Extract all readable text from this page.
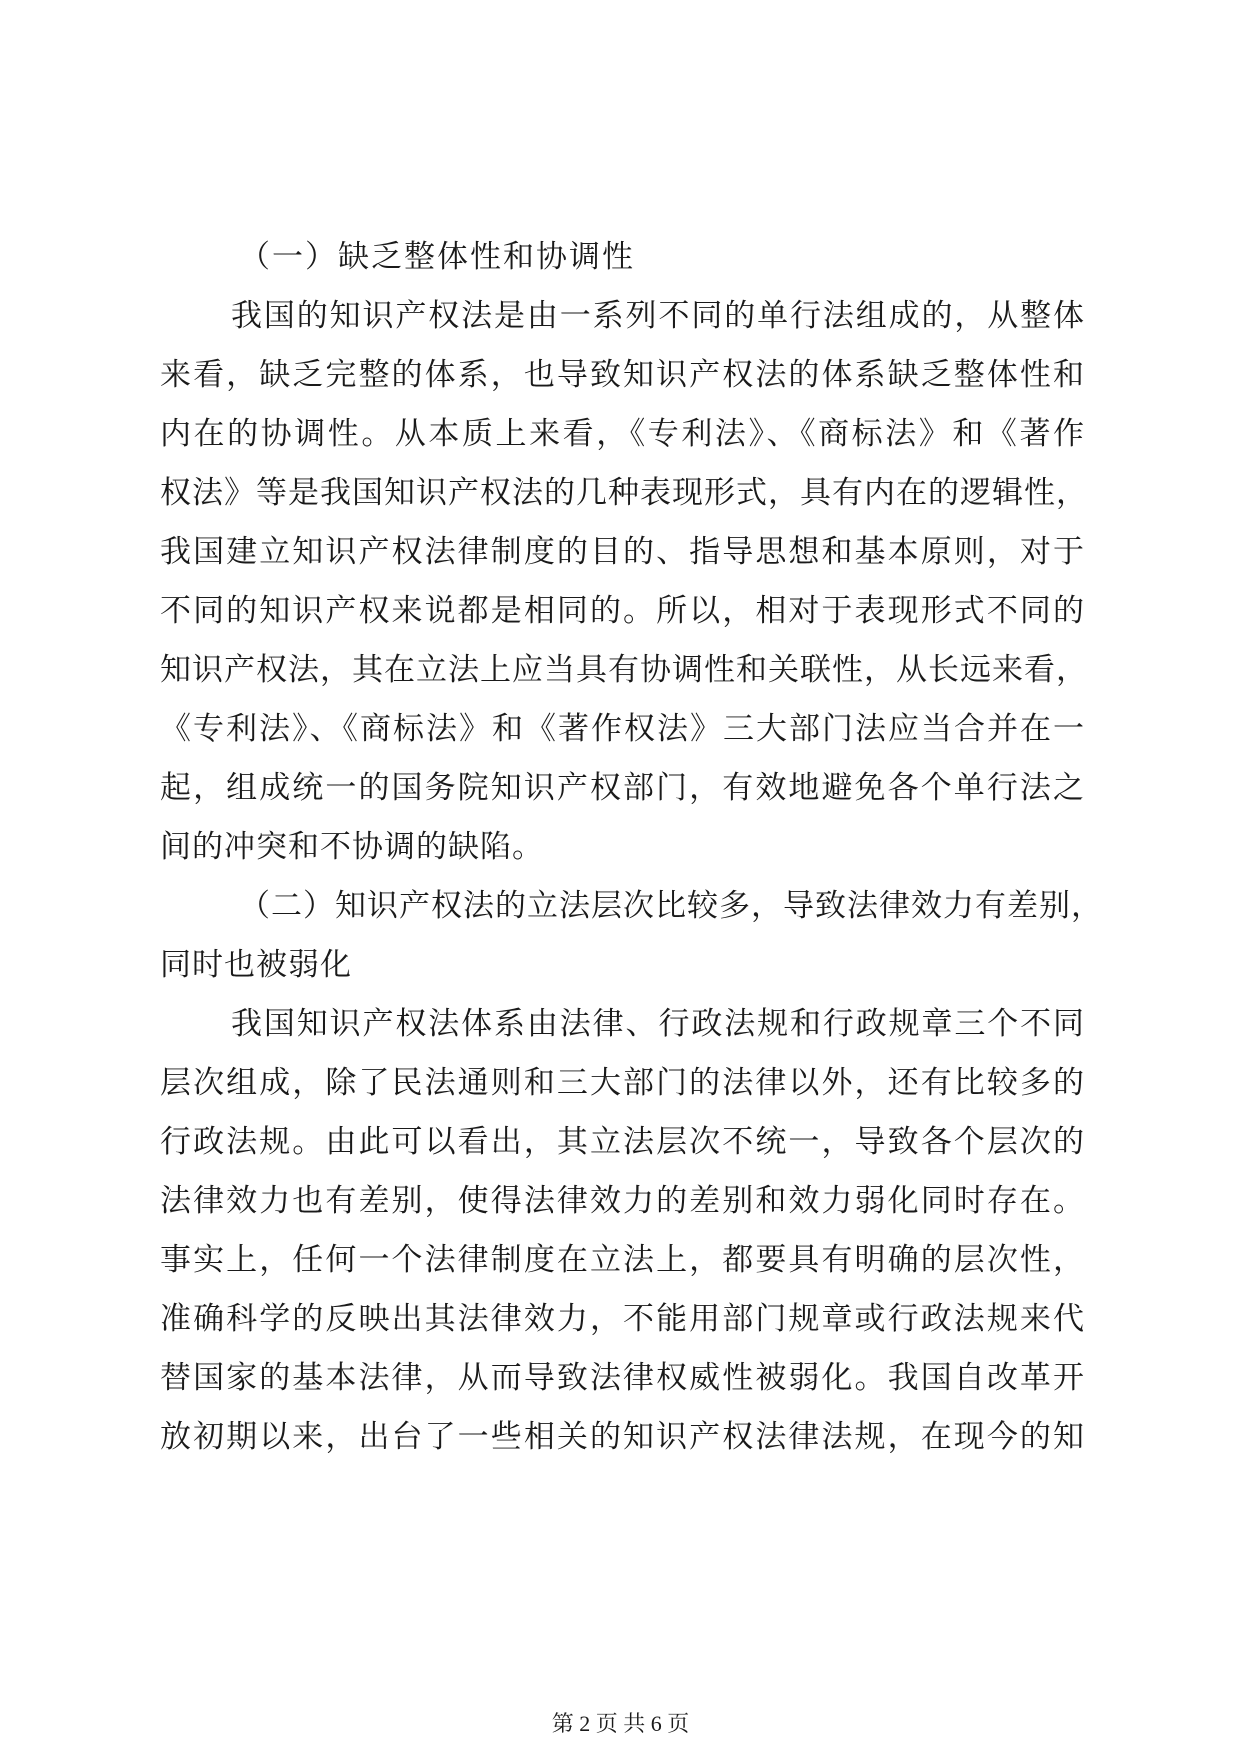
（一）缺乏整体性和协调性
我国的知识产权法是由一系列不同的单行法组成的，从整体
来看，缺乏完整的体系，也导致知识产权法的体系缺乏整体性和
内在的协调性。从本质上来看，《专利法》、《商标法》和《著作
权法》等是我国知识产权法的几种表现形式，具有内在的逻辑性，
我国建立知识产权法律制度的目的、指导思想和基本原则，对于
不同的知识产权来说都是相同的。所以，相对于表现形式不同的
知识产权法，其在立法上应当具有协调性和关联性，从长远来看，
《专利法》、《商标法》和《著作权法》三大部门法应当合并在一
起，组成统一的国务院知识产权部门，有效地避免各个单行法之
间的冲突和不协调的缺陷。
（二）知识产权法的立法层次比较多，导致法律效力有差别，
同时也被弱化
我国知识产权法体系由法律、行政法规和行政规章三个不同
层次组成，除了民法通则和三大部门的法律以外，还有比较多的
行政法规。由此可以看出，其立法层次不统一，导致各个层次的
法律效力也有差别，使得法律效力的差别和效力弱化同时存在。
事实上，任何一个法律制度在立法上，都要具有明确的层次性，
准确科学的反映出其法律效力，不能用部门规章或行政法规来代
替国家的基本法律，从而导致法律权威性被弱化。我国自改革开
放初期以来，出台了一些相关的知识产权法律法规，在现今的知
第 2 页 共 6 页
